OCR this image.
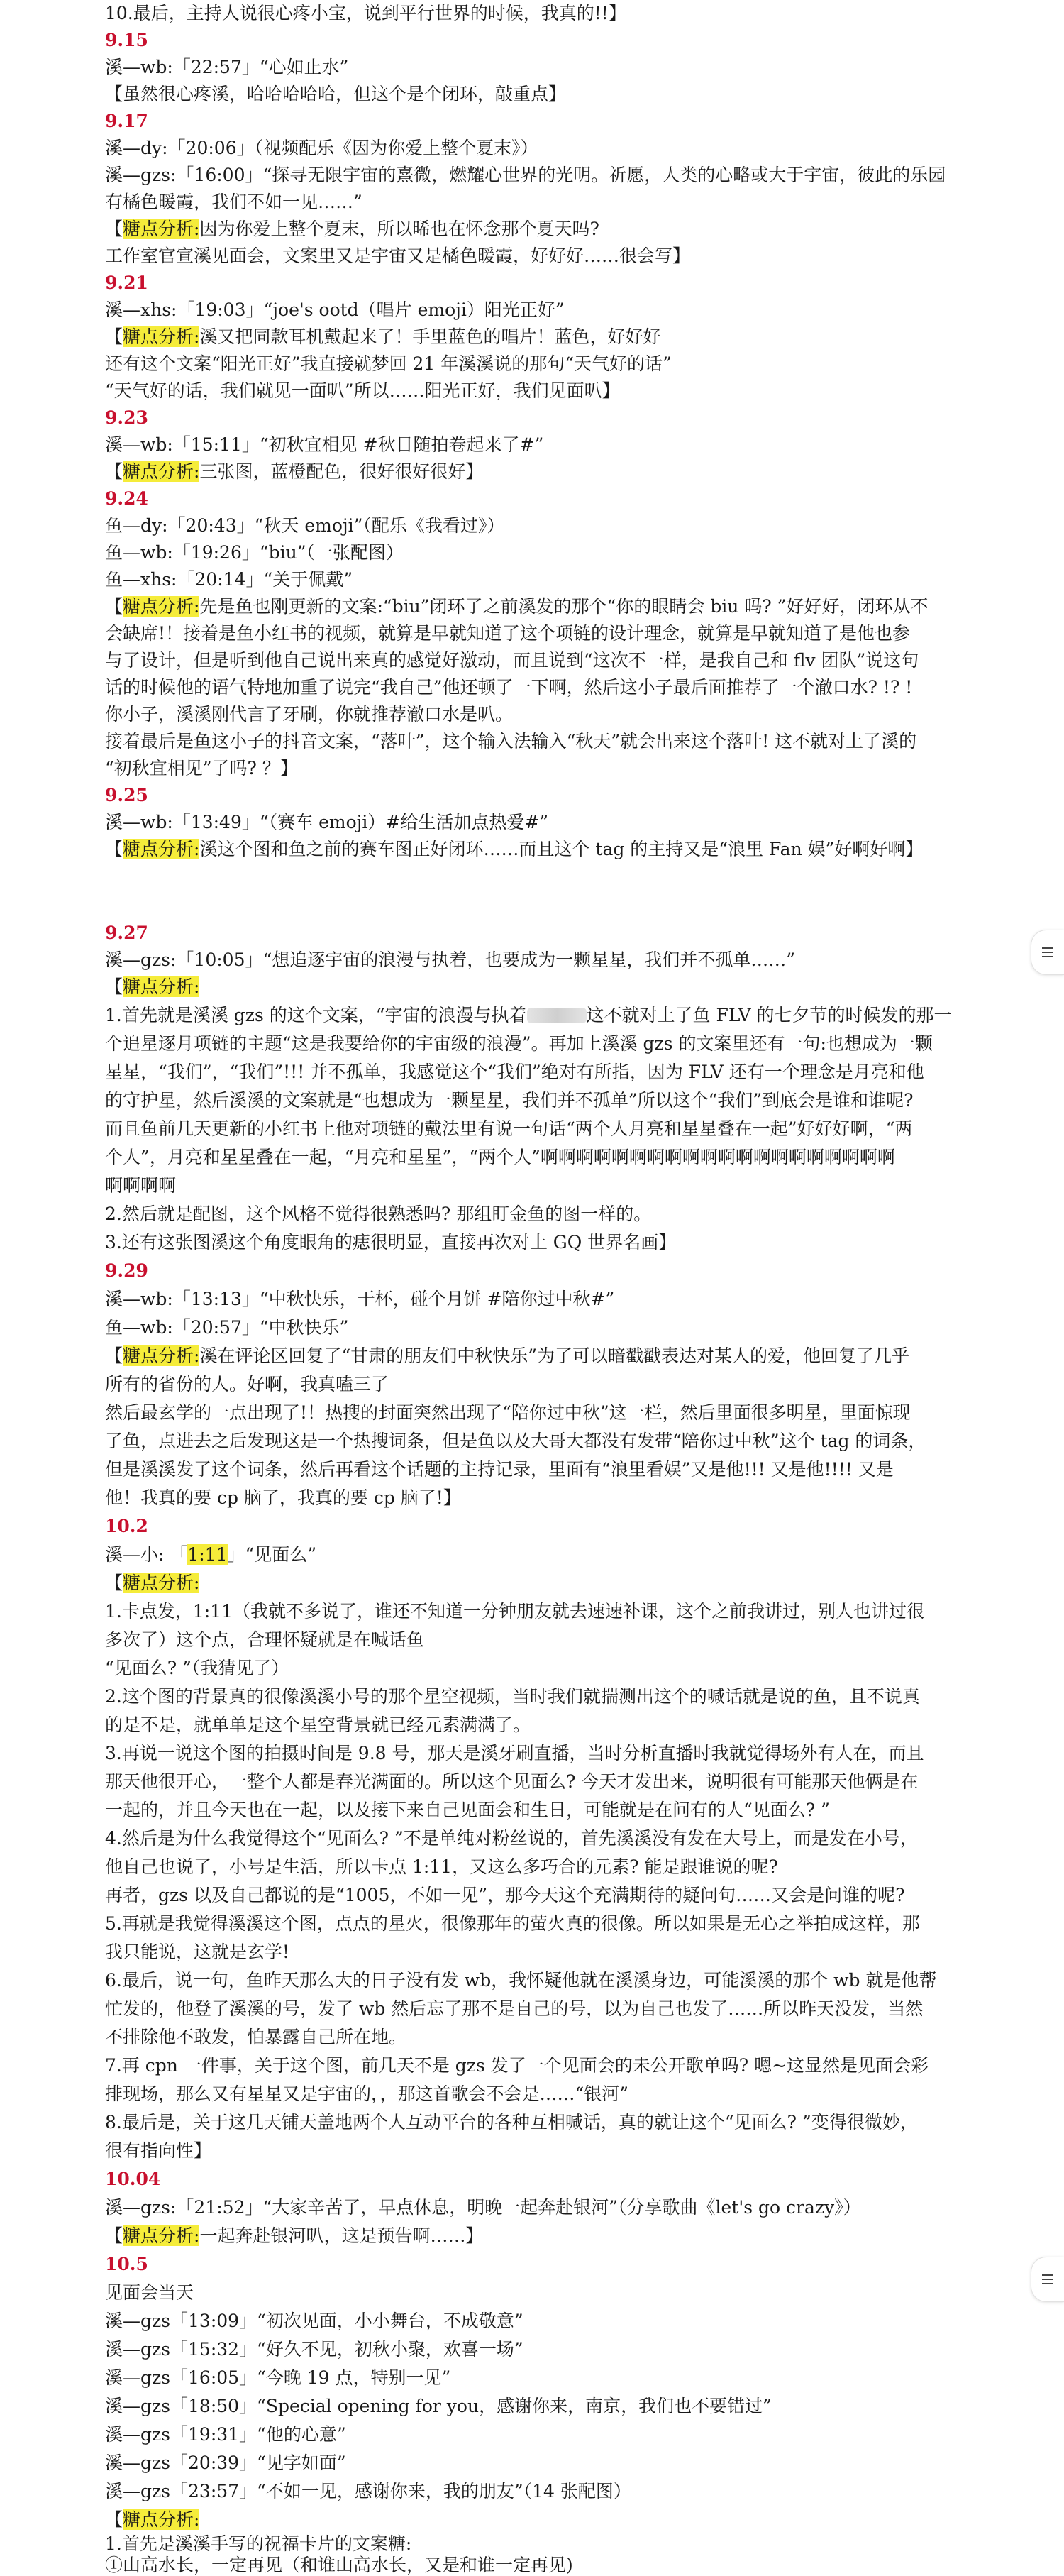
10.最后，主持人说很心疼小宝，说到平行世界的时候，我真的!!】
9.15
溪—wb:「22:57」“心如止水”
【虽然很心疼溪，哈哈哈哈哈，但这个是个闭环，敲重点】
9.17
溪—dy:「20:06」（视频配乐《因为你爱上整个夏末》）
溪—gzs:「16:00」“探寻无限宇宙的熹微，燃耀心世界的光明。祈愿，人类的心略或大于宇宙，彼此的乐园
有橘色暖霞，我们不如一见……”
【糖点分析:因为你爱上整个夏末，所以晞也在怀念那个夏天吗?
工作室官宣溪见面会，文案里又是宇宙又是橘色暖霞，好好好……很会写】
9.21
溪—xhs:「19:03」“joe's ootd（唱片 emoji）阳光正好”
【糖点分析:溪又把同款耳机戴起来了！手里蓝色的唱片！蓝色，好好好
还有这个文案“阳光正好”我直接就梦回 21 年溪溪说的那句“天气好的话”
“天气好的话，我们就见一面叭”所以……阳光正好，我们见面叭】
9.23
溪—wb:「15:11」“初秋宜相见 #秋日随拍卷起来了#”
【糖点分析:三张图，蓝橙配色，很好很好很好】
9.24
鱼—dy:「20:43」“秋天 emoji”（配乐《我看过》）
鱼—wb:「19:26」“biu”（一张配图）
鱼—xhs:「20:14」“关于佩戴”
【糖点分析:先是鱼也刚更新的文案:“biu”闭环了之前溪发的那个“你的眼睛会 biu 吗? ”好好好，闭环从不
会缺席!！接着是鱼小红书的视频，就算是早就知道了这个项链的设计理念，就算是早就知道了是他也参
与了设计，但是听到他自己说出来真的感觉好激动，而且说到“这次不一样，是我自己和 flv 团队”说这句
话的时候他的语气特地加重了说完“我自己”他还顿了一下啊，然后这小子最后面推荐了一个澈口水? !? !
你小子，溪溪刚代言了牙刷，你就推荐澈口水是叭。
接着最后是鱼这小子的抖音文案，“落叶”，这个输入法输入“秋天”就会出来这个落叶! 这不就对上了溪的
“初秋宜相见”了吗? ？】
9.25
溪—wb:「13:49」“（赛车 emoji）#给生活加点热爱#”
【糖点分析:溪这个图和鱼之前的赛车图正好闭环……而且这个 tag 的主持又是“浪里 Fan 娱”好啊好啊】
9.27
溪—gzs:「10:05」“想追逐宇宙的浪漫与执着，也要成为一颗星星，我们并不孤单……”
【糖点分析:
1.首先就是溪溪 gzs 的这个文案，“宇宙的浪漫与执着	这不就对上了鱼 FLV 的七夕节的时候发的那一
个追星逐月项链的主题“这是我要给你的宇宙级的浪漫”。再加上溪溪 gzs 的文案里还有一句:也想成为一颗
星星，“我们”，“我们”!!! 并不孤单，我感觉这个“我们”绝对有所指，因为 FLV 还有一个理念是月亮和他
的守护星，然后溪溪的文案就是“也想成为一颗星星，我们并不孤单”所以这个“我们”到底会是谁和谁呢?
而且鱼前几天更新的小红书上他对项链的戴法里有说一句话“两个人月亮和星星叠在一起”好好好啊，“两
个人”，月亮和星星叠在一起，“月亮和星星”，“两个人”啊啊啊啊啊啊啊啊啊啊啊啊啊啊啊啊啊啊啊啊
啊啊啊啊
2.然后就是配图，这个风格不觉得很熟悉吗? 那组盯金鱼的图一样的。
3.还有这张图溪这个角度眼角的痣很明显，直接再次对上 GQ 世界名画】
9.29
溪—wb:「13:13」“中秋快乐，干杯，碰个月饼 #陪你过中秋#”
鱼—wb:「20:57」“中秋快乐”
【糖点分析:溪在评论区回复了“甘肃的朋友们中秋快乐”为了可以暗戳戳表达对某人的爱，他回复了几乎
所有的省份的人。好啊，我真嗑三了
然后最玄学的一点出现了!！热搜的封面突然出现了“陪你过中秋”这一栏，然后里面很多明星，里面惊现
了鱼，点进去之后发现这是一个热搜词条，但是鱼以及大哥大都没有发带“陪你过中秋”这个 tag 的词条，
但是溪溪发了这个词条，然后再看这个话题的主持记录，里面有“浪里看娱”又是他!!! 又是他!!!! 又是
他！我真的要 cp 脑了，我真的要 cp 脑了!】
10.2
溪—小: 「1:11」“见面么”
【糖点分析:
1.卡点发，1:11（我就不多说了，谁还不知道一分钟朋友就去速速补课，这个之前我讲过，别人也讲过很
多次了）这个点，合理怀疑就是在喊话鱼
“见面么? ”（我猜见了）
2.这个图的背景真的很像溪溪小号的那个星空视频，当时我们就揣测出这个的喊话就是说的鱼，且不说真
的是不是，就单单是这个星空背景就已经元素满满了。
3.再说一说这个图的拍摄时间是 9.8 号，那天是溪牙刷直播，当时分析直播时我就觉得场外有人在，而且
那天他很开心，一整个人都是春光满面的。所以这个见面么? 今天才发出来，说明很有可能那天他俩是在
一起的，并且今天也在一起，以及接下来自己见面会和生日，可能就是在问有的人“见面么? ”
4.然后是为什么我觉得这个“见面么? ”不是单纯对粉丝说的，首先溪溪没有发在大号上，而是发在小号，
他自己也说了，小号是生活，所以卡点 1:11，又这么多巧合的元素? 能是跟谁说的呢?
再者，gzs 以及自己都说的是“1005，不如一见”，那今天这个充满期待的疑问句……又会是问谁的呢?
5.再就是我觉得溪溪这个图，点点的星火，很像那年的萤火真的很像。所以如果是无心之举拍成这样，那
我只能说，这就是玄学!
6.最后，说一句，鱼昨天那么大的日子没有发 wb，我怀疑他就在溪溪身边，可能溪溪的那个 wb 就是他帮
忙发的，他登了溪溪的号，发了 wb 然后忘了那不是自己的号，以为自己也发了……所以昨天没发，当然
不排除他不敢发，怕暴露自己所在地。
7.再 cpn 一件事，关于这个图，前几天不是 gzs 发了一个见面会的未公开歌单吗? 嗯~这显然是见面会彩
排现场，那么又有星星又是宇宙的，，那这首歌会不会是……“银河”
8.最后是，关于这几天铺天盖地两个人互动平台的各种互相喊话，真的就让这个“见面么? ”变得很微妙，
很有指向性】
10.04
溪—gzs:「21:52」“大家辛苦了，早点休息，明晚一起奔赴银河”（分享歌曲《let's go crazy》）
【糖点分析:一起奔赴银河叭，这是预告啊……】
10.5
见面会当天
溪—gzs「13:09」“初次见面，小小舞台，不成敬意”
溪—gzs「15:32」“好久不见，初秋小聚，欢喜一场”
溪—gzs「16:05」“今晚 19 点，特别一见”
溪—gzs「18:50」“Special opening for you，感谢你来，南京，我们也不要错过”
溪—gzs「19:31」“他的心意”
溪—gzs「20:39」“见字如面”
溪—gzs「23:57」“不如一见，感谢你来，我的朋友”（14 张配图）
【糖点分析:
1.首先是溪溪手写的祝福卡片的文案糖:
①山高水长，一定再见（和谁山高水长，又是和谁一定再见)
